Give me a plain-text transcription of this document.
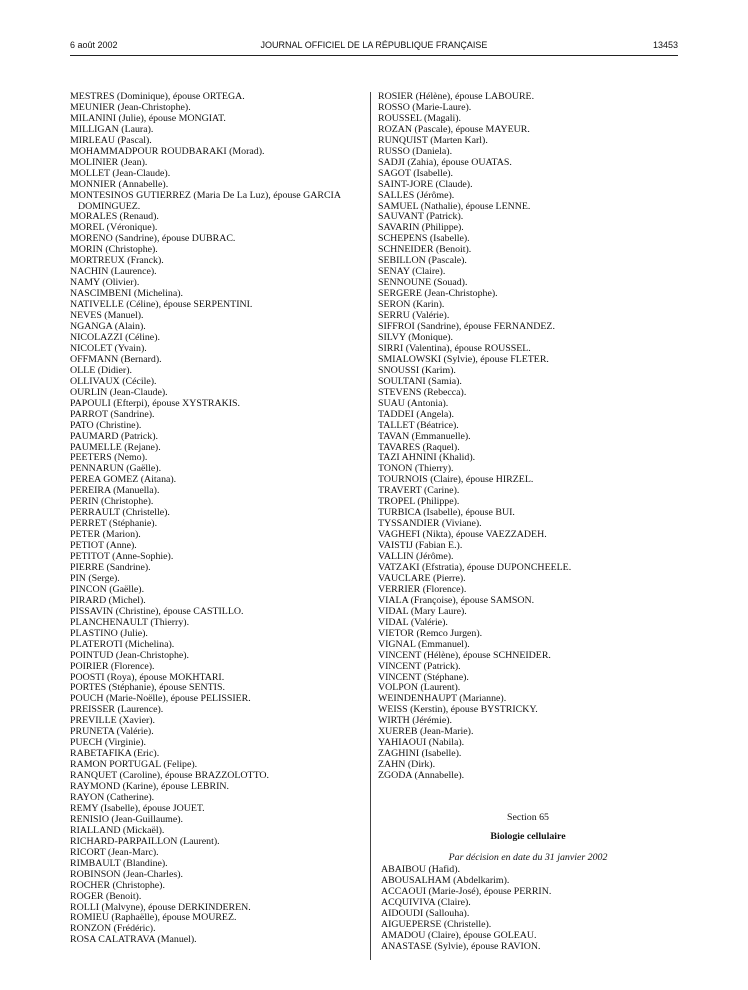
6 août 2002	JOURNAL OFFICIEL DE LA RÉPUBLIQUE FRANÇAISE	13453
MESTRES (Dominique), épouse ORTEGA.
MEUNIER (Jean-Christophe).
MILANINI (Julie), épouse MONGIAT.
MILLIGAN (Laura).
MIRLEAU (Pascal).
MOHAMMADPOUR ROUDBARAKI (Morad).
MOLINIER (Jean).
MOLLET (Jean-Claude).
MONNIER (Annabelle).
MONTESINOS GUTIERREZ (Maria De La Luz), épouse GARCIA DOMINGUEZ.
MORALES (Renaud).
MOREL (Véronique).
MORENO (Sandrine), épouse DUBRAC.
MORIN (Christophe).
MORTREUX (Franck).
NACHIN (Laurence).
NAMY (Olivier).
NASCIMBENI (Michelina).
NATIVELLE (Céline), épouse SERPENTINI.
NEVES (Manuel).
NGANGA (Alain).
NICOLAZZI (Céline).
NICOLET (Yvain).
OFFMANN (Bernard).
OLLE (Didier).
OLLIVAUX (Cécile).
OURLIN (Jean-Claude).
PAPOULI (Efterpi), épouse XYSTRAKIS.
PARROT (Sandrine).
PATO (Christine).
PAUMARD (Patrick).
PAUMELLE (Rejane).
PEETERS (Nemo).
PENNARUN (Gaëlle).
PEREA GOMEZ (Aitana).
PEREIRA (Manuella).
PERIN (Christophe).
PERRAULT (Christelle).
PERRET (Stéphanie).
PETER (Marion).
PETIOT (Anne).
PETITOT (Anne-Sophie).
PIERRE (Sandrine).
PIN (Serge).
PINCON (Gaëlle).
PIRARD (Michel).
PISSAVIN (Christine), épouse CASTILLO.
PLANCHENAULT (Thierry).
PLASTINO (Julie).
PLATEROTI (Michelina).
POINTUD (Jean-Christophe).
POIRIER (Florence).
POOSTI (Roya), épouse MOKHTARI.
PORTES (Stéphanie), épouse SENTIS.
POUCH (Marie-Noëlle), épouse PELISSIER.
PREISSER (Laurence).
PREVILLE (Xavier).
PRUNETA (Valérie).
PUECH (Virginie).
RABETAFIKA (Eric).
RAMON PORTUGAL (Felipe).
RANQUET (Caroline), épouse BRAZZOLOTTO.
RAYMOND (Karine), épouse LEBRIN.
RAYON (Catherine).
REMY (Isabelle), épouse JOUET.
RENISIO (Jean-Guillaume).
RIALLAND (Mickaël).
RICHARD-PARPAILLON (Laurent).
RICORT (Jean-Marc).
RIMBAULT (Blandine).
ROBINSON (Jean-Charles).
ROCHER (Christophe).
ROGER (Benoit).
ROLLI (Malvyne), épouse DERKINDEREN.
ROMIEU (Raphaëlle), épouse MOUREZ.
RONZON (Frédéric).
ROSA CALATRAVA (Manuel).
ROSIER (Hélène), épouse LABOURE.
ROSSO (Marie-Laure).
ROUSSEL (Magali).
ROZAN (Pascale), épouse MAYEUR.
RUNQUIST (Marten Karl).
RUSSO (Daniela).
SADJI (Zahia), épouse OUATAS.
SAGOT (Isabelle).
SAINT-JORE (Claude).
SALLES (Jérôme).
SAMUEL (Nathalie), épouse LENNE.
SAUVANT (Patrick).
SAVARIN (Philippe).
SCHEPENS (Isabelle).
SCHNEIDER (Benoit).
SEBILLON (Pascale).
SENAY (Claire).
SENNOUNE (Souad).
SERGERE (Jean-Christophe).
SERON (Karin).
SERRU (Valérie).
SIFFROI (Sandrine), épouse FERNANDEZ.
SILVY (Monique).
SIRRI (Valentina), épouse ROUSSEL.
SMIALOWSKI (Sylvie), épouse FLETER.
SNOUSSI (Karim).
SOULTANI (Samia).
STEVENS (Rebecca).
SUAU (Antonia).
TADDEI (Angela).
TALLET (Béatrice).
TAVAN (Emmanuelle).
TAVARES (Raquel).
TAZI AHNINI (Khalid).
TONON (Thierry).
TOURNOIS (Claire), épouse HIRZEL.
TRAVERT (Carine).
TROPEL (Philippe).
TURBICA (Isabelle), épouse BUI.
TYSSANDIER (Viviane).
VAGHEFI (Nikta), épouse VAEZZADEH.
VAISTIJ (Fabian E.).
VALLIN (Jérôme).
VATZAKI (Efstratia), épouse DUPONCHEELE.
VAUCLARE (Pierre).
VERRIER (Florence).
VIALA (Françoise), épouse SAMSON.
VIDAL (Mary Laure).
VIDAL (Valérie).
VIETOR (Remco Jurgen).
VIGNAL (Emmanuel).
VINCENT (Hélène), épouse SCHNEIDER.
VINCENT (Patrick).
VINCENT (Stéphane).
VOLPON (Laurent).
WEINDENHAUPT (Marianne).
WEISS (Kerstin), épouse BYSTRICKY.
WIRTH (Jérémie).
XUEREB (Jean-Marie).
YAHIAOUI (Nabila).
ZAGHINI (Isabelle).
ZAHN (Dirk).
ZGODA (Annabelle).
Section 65
Biologie cellulaire
Par décision en date du 31 janvier 2002
ABAIBOU (Hafid).
ABOUSALHAM (Abdelkarim).
ACCAOUI (Marie-José), épouse PERRIN.
ACQUIVIVA (Claire).
AIDOUDI (Sallouha).
AIGUEPERSE (Christelle).
AMADOU (Claire), épouse GOLEAU.
ANASTASE (Sylvie), épouse RAVION.
